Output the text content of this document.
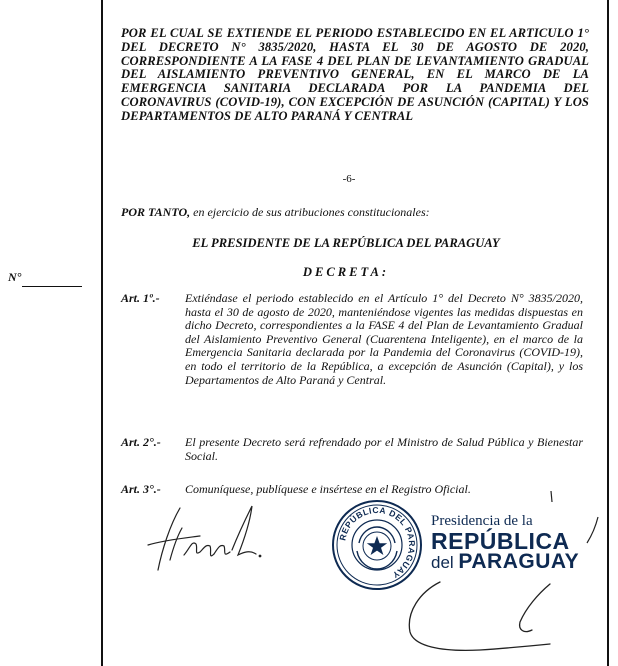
POR EL CUAL SE EXTIENDE EL PERIODO ESTABLECIDO EN EL ARTICULO 1° DEL DECRETO N° 3835/2020, HASTA EL 30 DE AGOSTO DE 2020, CORRESPONDIENTE A LA FASE 4 DEL PLAN DE LEVANTAMIENTO GRADUAL DEL AISLAMIENTO PREVENTIVO GENERAL, EN EL MARCO DE LA EMERGENCIA SANITARIA DECLARADA POR LA PANDEMIA DEL CORONAVIRUS (COVID-19), CON EXCEPCIÓN DE ASUNCIÓN (CAPITAL) Y LOS DEPARTAMENTOS DE ALTO PARANÁ Y CENTRAL
-6-
POR TANTO, en ejercicio de sus atribuciones constitucionales:
EL PRESIDENTE DE LA REPÚBLICA DEL PARAGUAY
DECRETA:
N°
Art. 1º.-	Extiéndase el periodo establecido en el Artículo 1° del Decreto N° 3835/2020, hasta el 30 de agosto de 2020, manteniéndose vigentes las medidas dispuestas en dicho Decreto, correspondientes a la FASE 4 del Plan de Levantamiento Gradual del Aislamiento Preventivo General (Cuarentena Inteligente), en el marco de la Emergencia Sanitaria declarada por la Pandemia del Coronavirus (COVID-19), en todo el territorio de la República, a excepción de Asunción (Capital), y los Departamentos de Alto Paraná y Central.
Art. 2°.-	El presente Decreto será refrendado por el Ministro de Salud Pública y Bienestar Social.
Art. 3°.-	Comuníquese, publíquese e insértese en el Registro Oficial.
REPÚBLICA DEL PARAGUAY
Presidencia de la
REPÚBLICA
del PARAGUAY
